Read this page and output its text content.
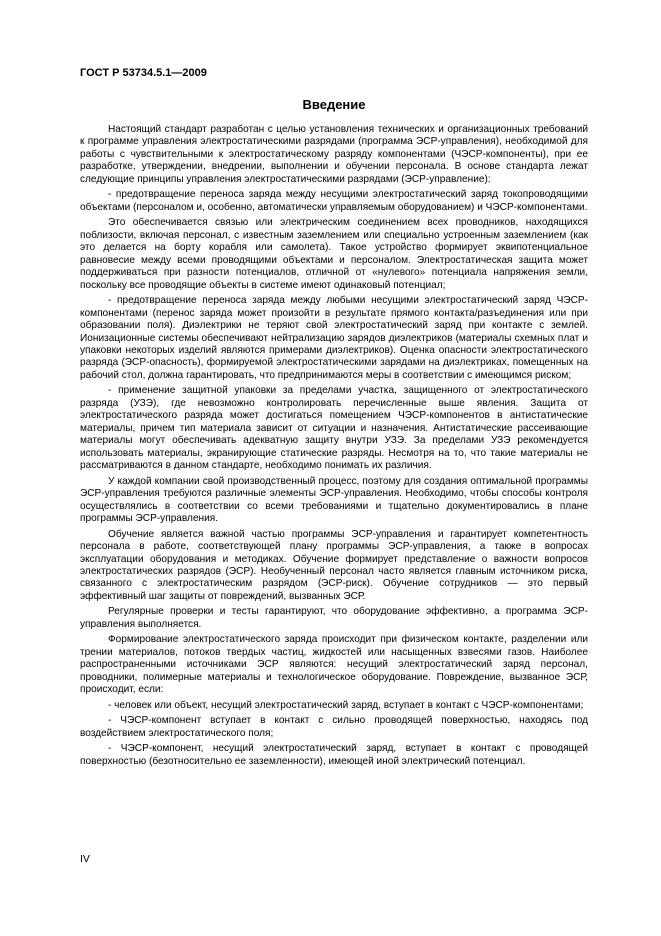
ГОСТ Р 53734.5.1—2009
Введение

Настоящий стандарт разработан с целью установления технических и организационных требований к программе управления электростатическими разрядами (программа ЭСР-управления), необходимой для работы с чувствительными к электростатическому разряду компонентами (ЧЭСР-компоненты), при ее разработке, утверждении, внедрении, выполнении и обучении персонала. В основе стандарта лежат следующие принципы управления электростатическими разрядами (ЭСР-управление):

- предотвращение переноса заряда между несущими электростатический заряд токопроводящими объектами (персоналом и, особенно, автоматически управляемым оборудованием) и ЧЭСР-компонентами.

Это обеспечивается связью или электрическим соединением всех проводников, находящихся поблизости, включая персонал, с известным заземлением или специально устроенным заземлением (как это делается на борту корабля или самолета). Такое устройство формирует эквипотенциальное равновесие между всеми проводящими объектами и персоналом. Электростатическая защита может поддерживаться при разности потенциалов, отличной от «нулевого» потенциала напряжения земли, поскольку все проводящие объекты в системе имеют одинаковый потенциал;

- предотвращение переноса заряда между любыми несущими электростатический заряд ЧЭСР-компонентами (перенос заряда может произойти в результате прямого контакта/разъединения или при образовании поля). Диэлектрики не теряют свой электростатический заряд при контакте с землей. Ионизационные системы обеспечивают нейтрализацию зарядов диэлектриков (материалы схемных плат и упаковки некоторых изделий являются примерами диэлектриков). Оценка опасности электростатического разряда (ЭСР-опасность), формируемой электростатическими зарядами на диэлектриках, помещенных на рабочий стол, должна гарантировать, что предпринимаются меры в соответствии с имеющимся риском;

- применение защитной упаковки за пределами участка, защищенного от электростатического разряда (УЗЭ), где невозможно контролировать перечисленные выше явления. Защита от электростатического разряда может достигаться помещением ЧЭСР-компонентов в антистатические материалы, причем тип материала зависит от ситуации и назначения. Антистатические рассеивающие материалы могут обеспечивать адекватную защиту внутри УЗЭ. За пределами УЗЭ рекомендуется использовать материалы, экранирующие статические разряды. Несмотря на то, что такие материалы не рассматриваются в данном стандарте, необходимо понимать их различия.

У каждой компании свой производственный процесс, поэтому для создания оптимальной программы ЭСР-управления требуются различные элементы ЭСР-управления. Необходимо, чтобы способы контроля осуществлялись в соответствии со всеми требованиями и тщательно документировались в плане программы ЭСР-управления.

Обучение является важной частью программы ЭСР-управления и гарантирует компетентность персонала в работе, соответствующей плану программы ЭСР-управления, а также в вопросах эксплуатации оборудования и методиках. Обучение формирует представление о важности вопросов электростатических разрядов (ЭСР). Необученный персонал часто является главным источником риска, связанного с электростатическим разрядом (ЭСР-риск). Обучение сотрудников — это первый эффективный шаг защиты от повреждений, вызванных ЭСР.

Регулярные проверки и тесты гарантируют, что оборудование эффективно, а программа ЭСР-управления выполняется.

Формирование электростатического заряда происходит при физическом контакте, разделении или трении материалов, потоков твердых частиц, жидкостей или насыщенных взвесями газов. Наиболее распространенными источниками ЭСР являются: несущий электростатический заряд персонал, проводники, полимерные материалы и технологическое оборудование. Повреждение, вызванное ЭСР, происходит, если:

- человек или объект, несущий электростатический заряд, вступает в контакт с ЧЭСР-компонентами;

- ЧЭСР-компонент вступает в контакт с сильно проводящей поверхностью, находясь под воздействием электростатического поля;

- ЧЭСР-компонент, несущий электростатический заряд, вступает в контакт с проводящей поверхностью (безотносительно ее заземленности), имеющей иной электрический потенциал.

IV
